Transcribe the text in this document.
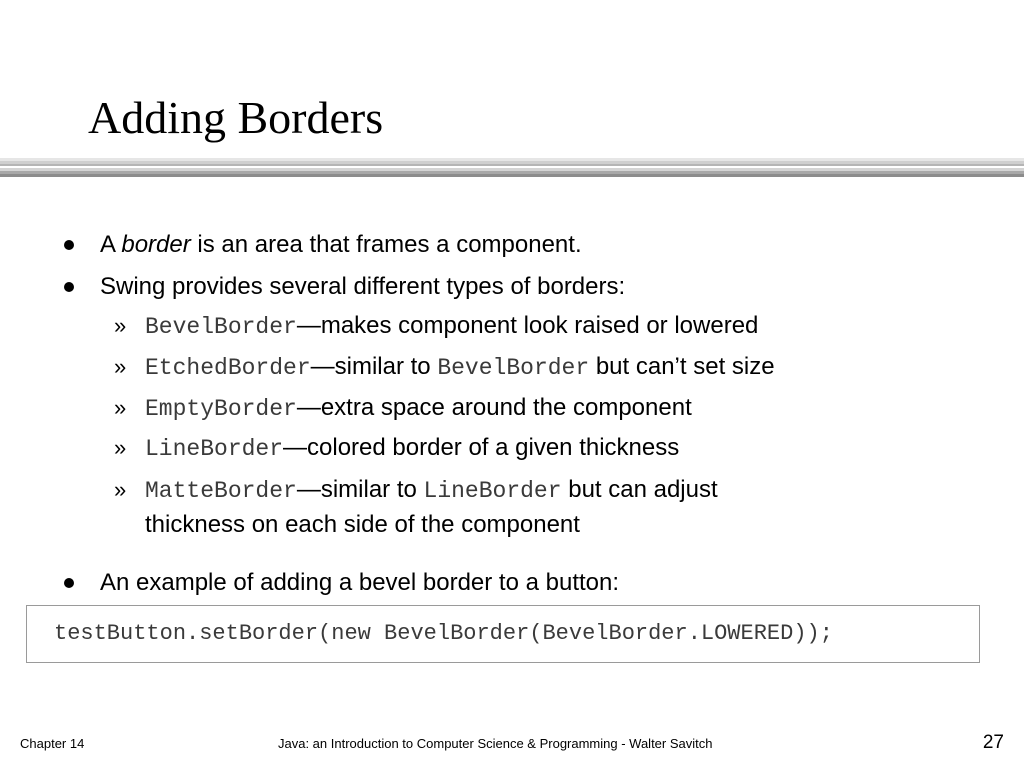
Adding Borders
A border is an area that frames a component.
Swing provides several different types of borders:
» BevelBorder—makes component look raised or lowered
» EtchedBorder—similar to BevelBorder but can’t set size
» EmptyBorder—extra space around the component
» LineBorder—colored border of a given thickness
» MatteBorder—similar to LineBorder but can adjust
thickness on each side of the component
An example of adding a bevel border to a button:
testButton.setBorder(new BevelBorder(BevelBorder.LOWERED));
Chapter 14	Java: an Introduction to Computer Science & Programming - Walter Savitch	27
